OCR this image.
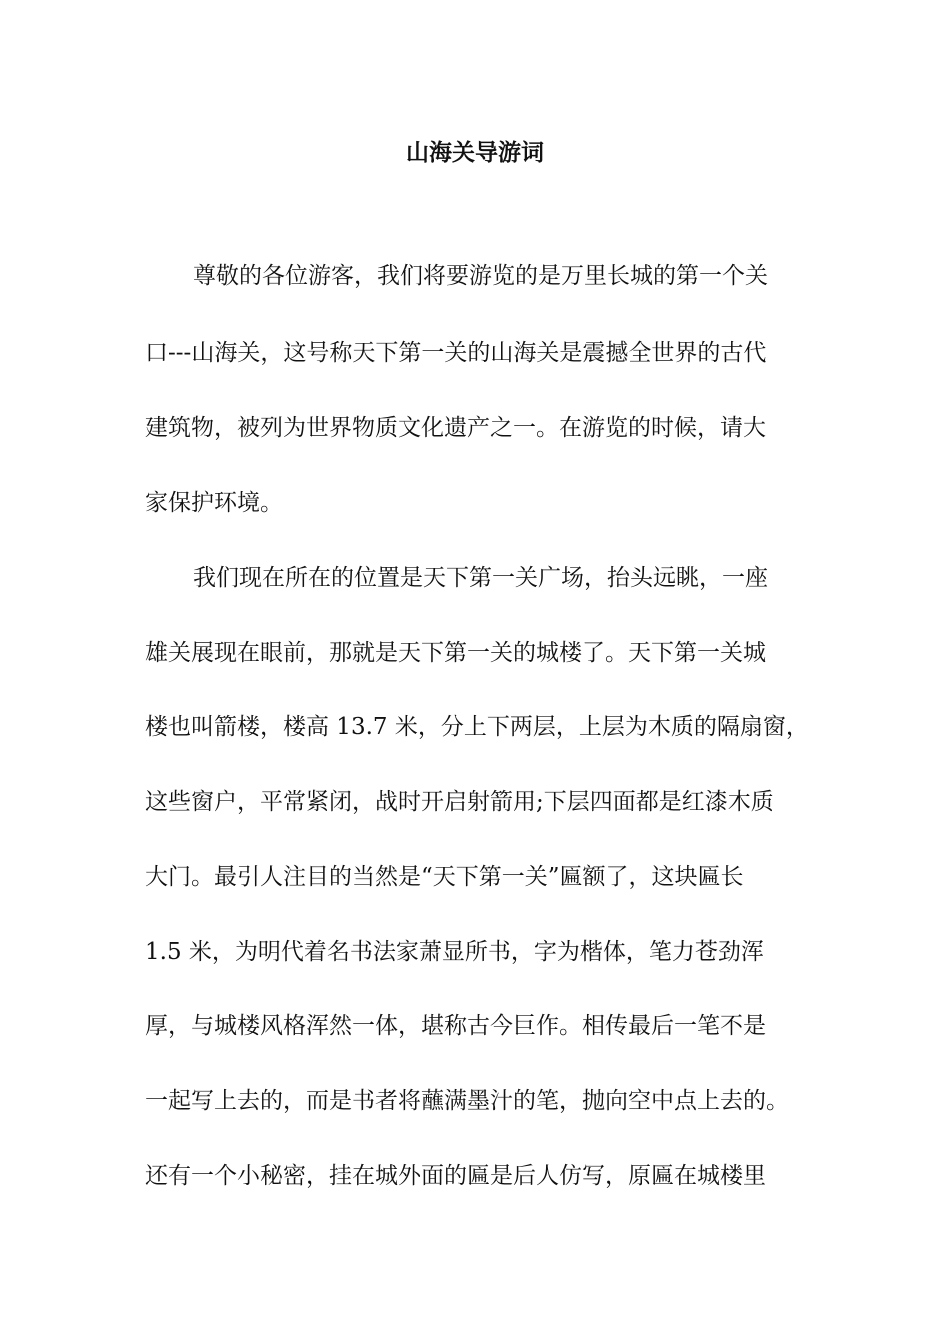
山海关导游词
尊敬的各位游客，我们将要游览的是万里长城的第一个关
口---山海关，这号称天下第一关的山海关是震撼全世界的古代
建筑物，被列为世界物质文化遗产之一。在游览的时候，请大
家保护环境。
我们现在所在的位置是天下第一关广场，抬头远眺，一座
雄关展现在眼前，那就是天下第一关的城楼了。天下第一关城
楼也叫箭楼，楼高 13.7 米，分上下两层，上层为木质的隔扇窗，
这些窗户，平常紧闭，战时开启射箭用;下层四面都是红漆木质
大门。最引人注目的当然是“天下第一关”匾额了，这块匾长
1.5 米，为明代着名书法家萧显所书，字为楷体，笔力苍劲浑
厚，与城楼风格浑然一体，堪称古今巨作。相传最后一笔不是
一起写上去的，而是书者将蘸满墨汁的笔，抛向空中点上去的。
还有一个小秘密，挂在城外面的匾是后人仿写，原匾在城楼里
